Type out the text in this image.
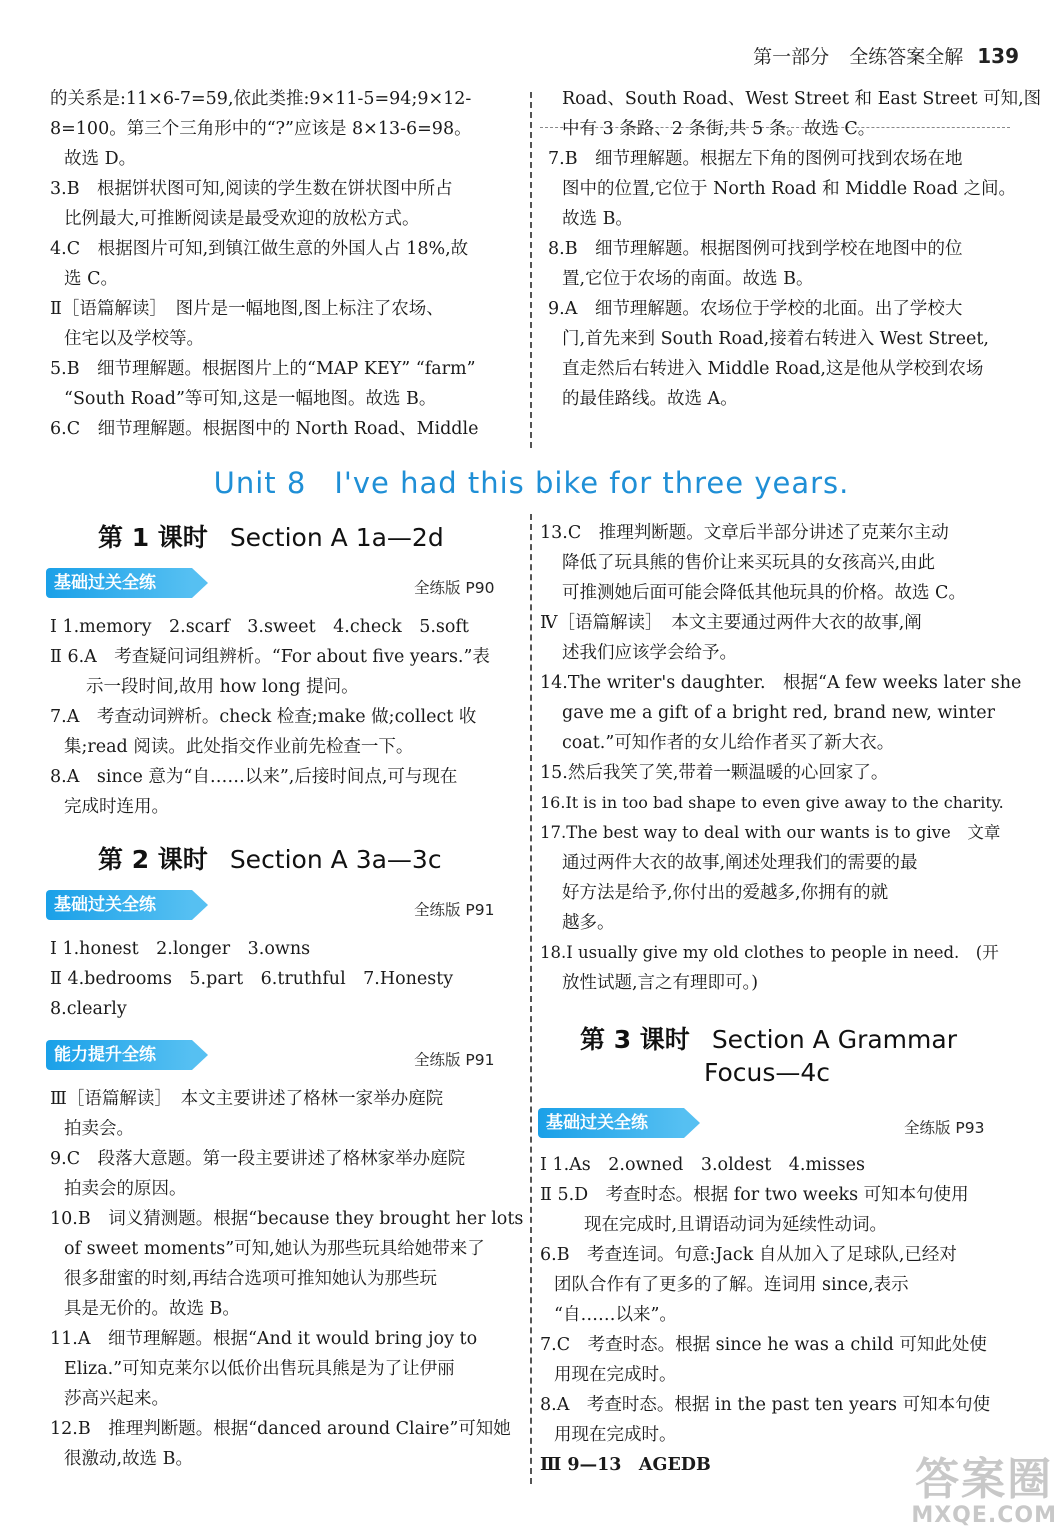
第一部分 全练答案全解 139
的关系是:11×6-7=59,依此类推:9×11-5=94;9×12-
8=100。第三个三角形中的“?”应该是 8×13-6=98。
故选 D。
3.B　根据饼状图可知,阅读的学生数在饼状图中所占
比例最大,可推断阅读是最受欢迎的放松方式。
4.C　根据图片可知,到镇江做生意的外国人占 18%,故
选 C。
Ⅱ［语篇解读］　图片是一幅地图,图上标注了农场、
住宅以及学校等。
5.B　细节理解题。根据图片上的“MAP KEY” “farm”
“South Road”等可知,这是一幅地图。故选 B。
6.C　细节理解题。根据图中的 North Road、Middle
Road、South Road、West Street 和 East Street 可知,图
中有 3 条路、2 条街,共 5 条。故选 C。
7.B　细节理解题。根据左下角的图例可找到农场在地
图中的位置,它位于 North Road 和 Middle Road 之间。
故选 B。
8.B　细节理解题。根据图例可找到学校在地图中的位
置,它位于农场的南面。故选 B。
9.A　细节理解题。农场位于学校的北面。出了学校大
门,首先来到 South Road,接着右转进入 West Street,
直走然后右转进入 Middle Road,这是他从学校到农场
的最佳路线。故选 A。
Unit 8 I've had this bike for three years.
第 1 课时 Section A 1a—2d
基础过关全练	全练版 P90
Ⅰ 1.memory　2.scarf　3.sweet　4.check　5.soft
Ⅱ 6.A　考查疑问词组辨析。“For about five years.”表
示一段时间,故用 how long 提问。
7.A　考查动词辨析。check 检查;make 做;collect 收
集;read 阅读。此处指交作业前先检查一下。
8.A　since 意为“自……以来”,后接时间点,可与现在
完成时连用。
第 2 课时 Section A 3a—3c
基础过关全练	全练版 P91
Ⅰ 1.honest　2.longer　3.owns
Ⅱ 4.bedrooms　5.part　6.truthful　7.Honesty
8.clearly
能力提升全练	全练版 P91
Ⅲ［语篇解读］　本文主要讲述了格林一家举办庭院
拍卖会。
9.C　段落大意题。第一段主要讲述了格林家举办庭院
拍卖会的原因。
10.B　词义猜测题。根据“because they brought her lots
of sweet moments”可知,她认为那些玩具给她带来了
很多甜蜜的时刻,再结合选项可推知她认为那些玩
具是无价的。故选 B。
11.A　细节理解题。根据“And it would bring joy to
Eliza.”可知克莱尔以低价出售玩具熊是为了让伊丽
莎高兴起来。
12.B　推理判断题。根据“danced around Claire”可知她
很激动,故选 B。
13.C　推理判断题。文章后半部分讲述了克莱尔主动
降低了玩具熊的售价让来买玩具的女孩高兴,由此
可推测她后面可能会降低其他玩具的价格。故选 C。
Ⅳ［语篇解读］　本文主要通过两件大衣的故事,阐
述我们应该学会给予。
14.The writer's daughter.　根据“A few weeks later she
gave me a gift of a bright red, brand new, winter
coat.”可知作者的女儿给作者买了新大衣。
15.然后我笑了笑,带着一颗温暖的心回家了。
16.It is in too bad shape to even give away to the charity.
17.The best way to deal with our wants is to give　文章
通过两件大衣的故事,阐述处理我们的需要的最
好方法是给予,你付出的爱越多,你拥有的就
越多。
18.I usually give my old clothes to people in need.　(开
放性试题,言之有理即可。)
第 3 课时 Section A Grammar
Focus—4c
基础过关全练	全练版 P93
Ⅰ 1.As　2.owned　3.oldest　4.misses
Ⅱ 5.D　考查时态。根据 for two weeks 可知本句使用
现在完成时,且谓语动词为延续性动词。
6.B　考查连词。句意:Jack 自从加入了足球队,已经对
团队合作有了更多的了解。连词用 since,表示
“自……以来”。
7.C　考查时态。根据 since he was a child 可知此处使
用现在完成时。
8.A　考查时态。根据 in the past ten years 可知本句使
用现在完成时。
Ⅲ 9—13　AGEDB	答案圈
MXQE.COM
